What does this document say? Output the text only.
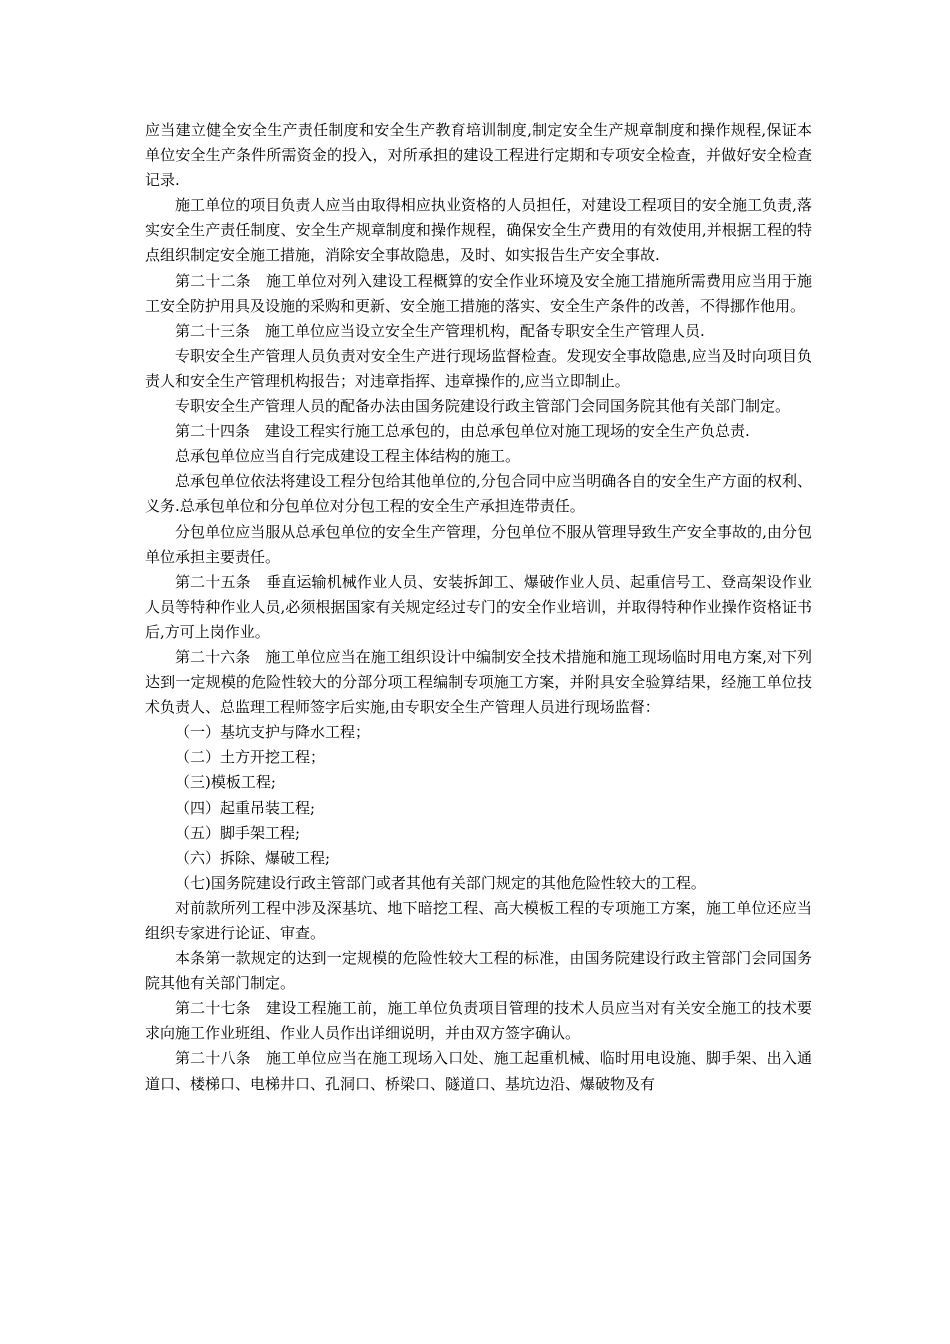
应当建立健全安全生产责任制度和安全生产教育培训制度,制定安全生产规章制度和操作规程,保证本单位安全生产条件所需资金的投入，对所承担的建设工程进行定期和专项安全检查，并做好安全检查记录.

施工单位的项目负责人应当由取得相应执业资格的人员担任，对建设工程项目的安全施工负责,落实安全生产责任制度、安全生产规章制度和操作规程，确保安全生产费用的有效使用,并根据工程的特点组织制定安全施工措施，消除安全事故隐患，及时、如实报告生产安全事故.

第二十二条　施工单位对列入建设工程概算的安全作业环境及安全施工措施所需费用应当用于施工安全防护用具及设施的采购和更新、安全施工措施的落实、安全生产条件的改善，不得挪作他用。

第二十三条　施工单位应当设立安全生产管理机构，配备专职安全生产管理人员.

专职安全生产管理人员负责对安全生产进行现场监督检查。发现安全事故隐患,应当及时向项目负责人和安全生产管理机构报告；对违章指挥、违章操作的,应当立即制止。

专职安全生产管理人员的配备办法由国务院建设行政主管部门会同国务院其他有关部门制定。

第二十四条　建设工程实行施工总承包的，由总承包单位对施工现场的安全生产负总责.

总承包单位应当自行完成建设工程主体结构的施工。

总承包单位依法将建设工程分包给其他单位的,分包合同中应当明确各自的安全生产方面的权利、义务.总承包单位和分包单位对分包工程的安全生产承担连带责任。

分包单位应当服从总承包单位的安全生产管理，分包单位不服从管理导致生产安全事故的,由分包单位承担主要责任。

第二十五条　垂直运输机械作业人员、安装拆卸工、爆破作业人员、起重信号工、登高架设作业人员等特种作业人员,必须根据国家有关规定经过专门的安全作业培训，并取得特种作业操作资格证书后,方可上岗作业。

第二十六条　施工单位应当在施工组织设计中编制安全技术措施和施工现场临时用电方案,对下列达到一定规模的危险性较大的分部分项工程编制专项施工方案，并附具安全验算结果，经施工单位技术负责人、总监理工程师签字后实施,由专职安全生产管理人员进行现场监督：

（一）基坑支护与降水工程；

（二）土方开挖工程；

（三)模板工程;

（四）起重吊装工程;

（五）脚手架工程;

（六）拆除、爆破工程;

（七)国务院建设行政主管部门或者其他有关部门规定的其他危险性较大的工程。

对前款所列工程中涉及深基坑、地下暗挖工程、高大模板工程的专项施工方案，施工单位还应当组织专家进行论证、审查。

本条第一款规定的达到一定规模的危险性较大工程的标准，由国务院建设行政主管部门会同国务院其他有关部门制定。

第二十七条　建设工程施工前，施工单位负责项目管理的技术人员应当对有关安全施工的技术要求向施工作业班组、作业人员作出详细说明，并由双方签字确认。

第二十八条　施工单位应当在施工现场入口处、施工起重机械、临时用电设施、脚手架、出入通道口、楼梯口、电梯井口、孔洞口、桥梁口、隧道口、基坑边沿、爆破物及有
